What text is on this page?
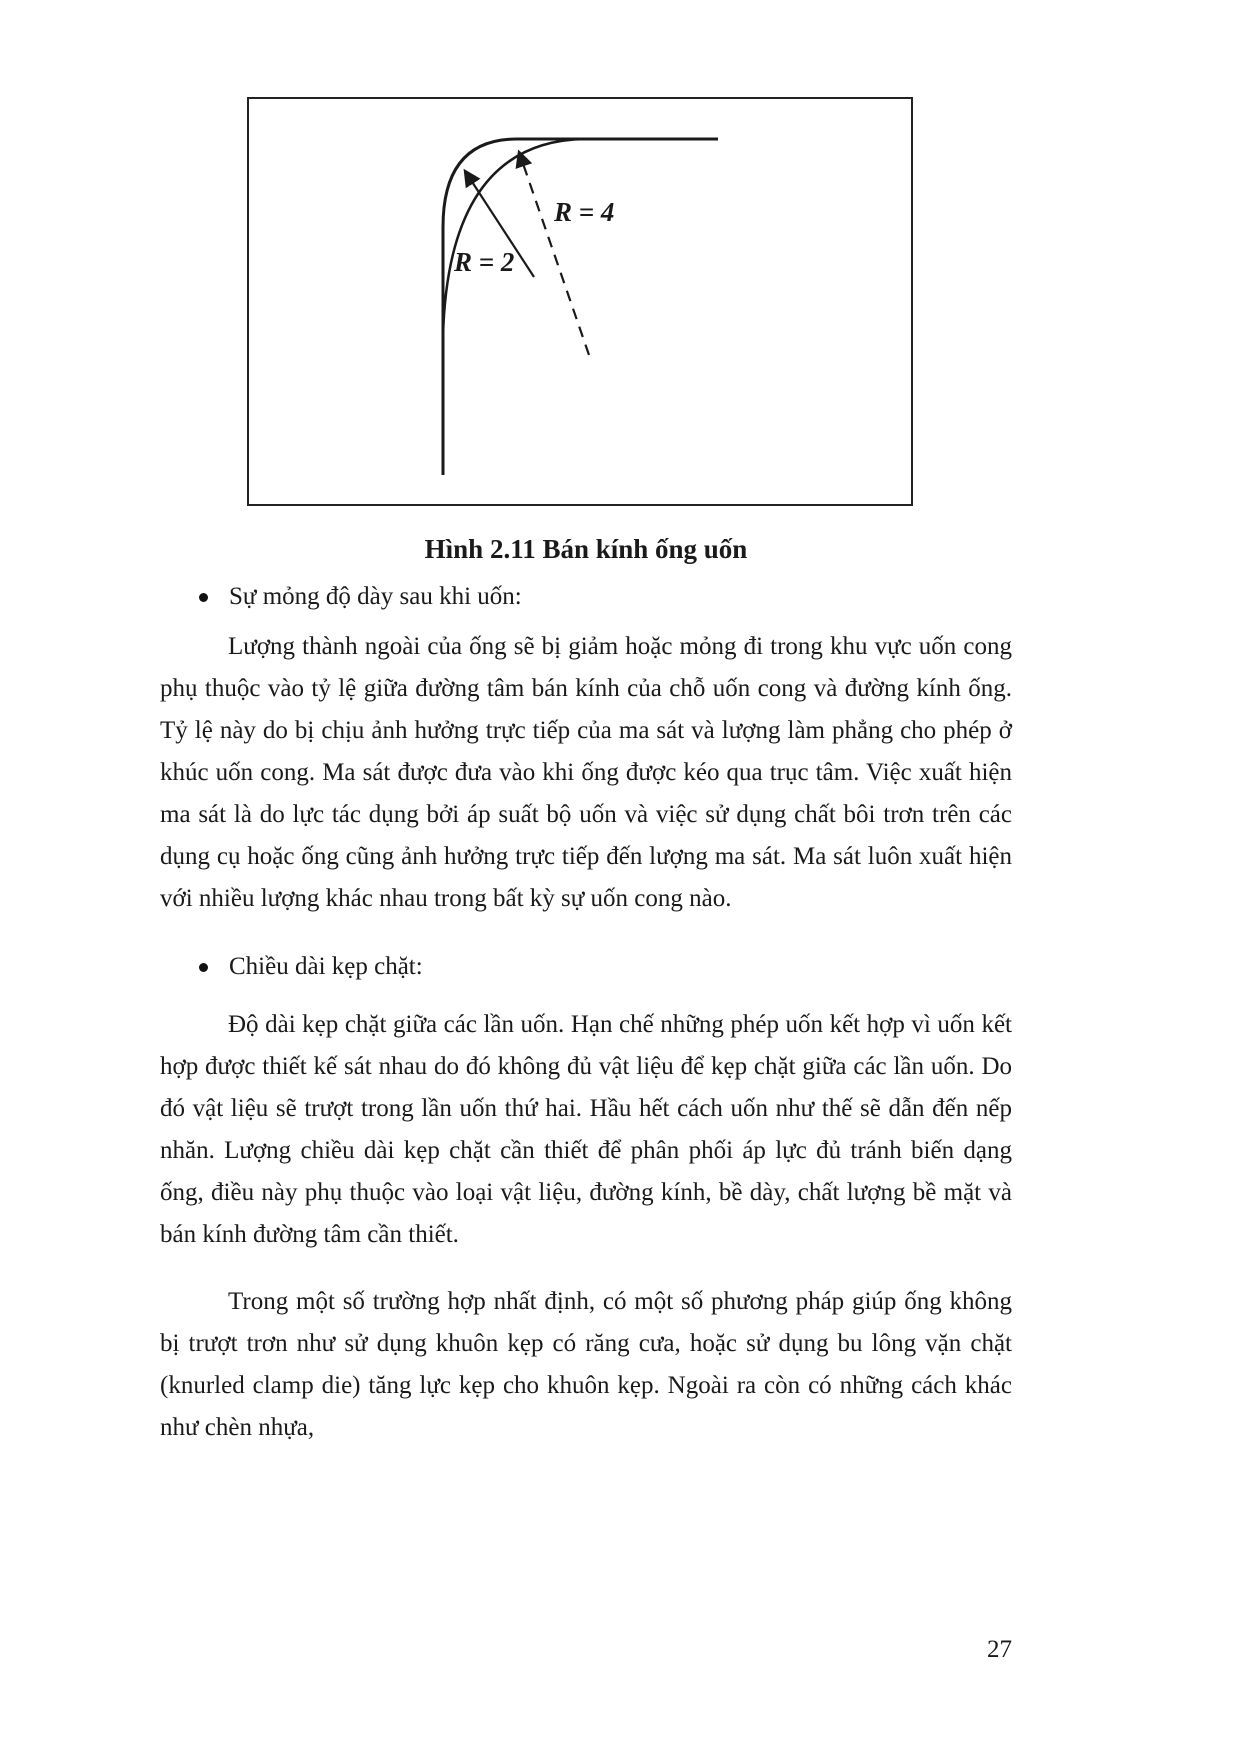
R = 2
R = 4
Hình 2.11 Bán kính ống uốn
Sự mỏng độ dày sau khi uốn:

Lượng thành ngoài của ống sẽ bị giảm hoặc mỏng đi trong khu vực uốn cong phụ thuộc vào tỷ lệ giữa đường tâm bán kính của chỗ uốn cong và đường kính ống. Tỷ lệ này do bị chịu ảnh hưởng trực tiếp của ma sát và lượng làm phẳng cho phép ở khúc uốn cong. Ma sát được đưa vào khi ống được kéo qua trục tâm. Việc xuất hiện ma sát là do lực tác dụng bởi áp suất bộ uốn và việc sử dụng chất bôi trơn trên các dụng cụ hoặc ống cũng ảnh hưởng trực tiếp đến lượng ma sát. Ma sát luôn xuất hiện với nhiều lượng khác nhau trong bất kỳ sự uốn cong nào.

Chiều dài kẹp chặt:

Độ dài kẹp chặt giữa các lần uốn. Hạn chế những phép uốn kết hợp vì uốn kết hợp được thiết kế sát nhau do đó không đủ vật liệu để kẹp chặt giữa các lần uốn. Do đó vật liệu sẽ trượt trong lần uốn thứ hai. Hầu hết cách uốn như thế sẽ dẫn đến nếp nhăn. Lượng chiều dài kẹp chặt cần thiết để phân phối áp lực đủ tránh biến dạng ống, điều này phụ thuộc vào loại vật liệu, đường kính, bề dày, chất lượng bề mặt và bán kính đường tâm cần thiết.

Trong một số trường hợp nhất định, có một số phương pháp giúp ống không bị trượt trơn như sử dụng khuôn kẹp có răng cưa, hoặc sử dụng bu lông vặn chặt (knurled clamp die) tăng lực kẹp cho khuôn kẹp. Ngoài ra còn có những cách khác như chèn nhựa,

27
